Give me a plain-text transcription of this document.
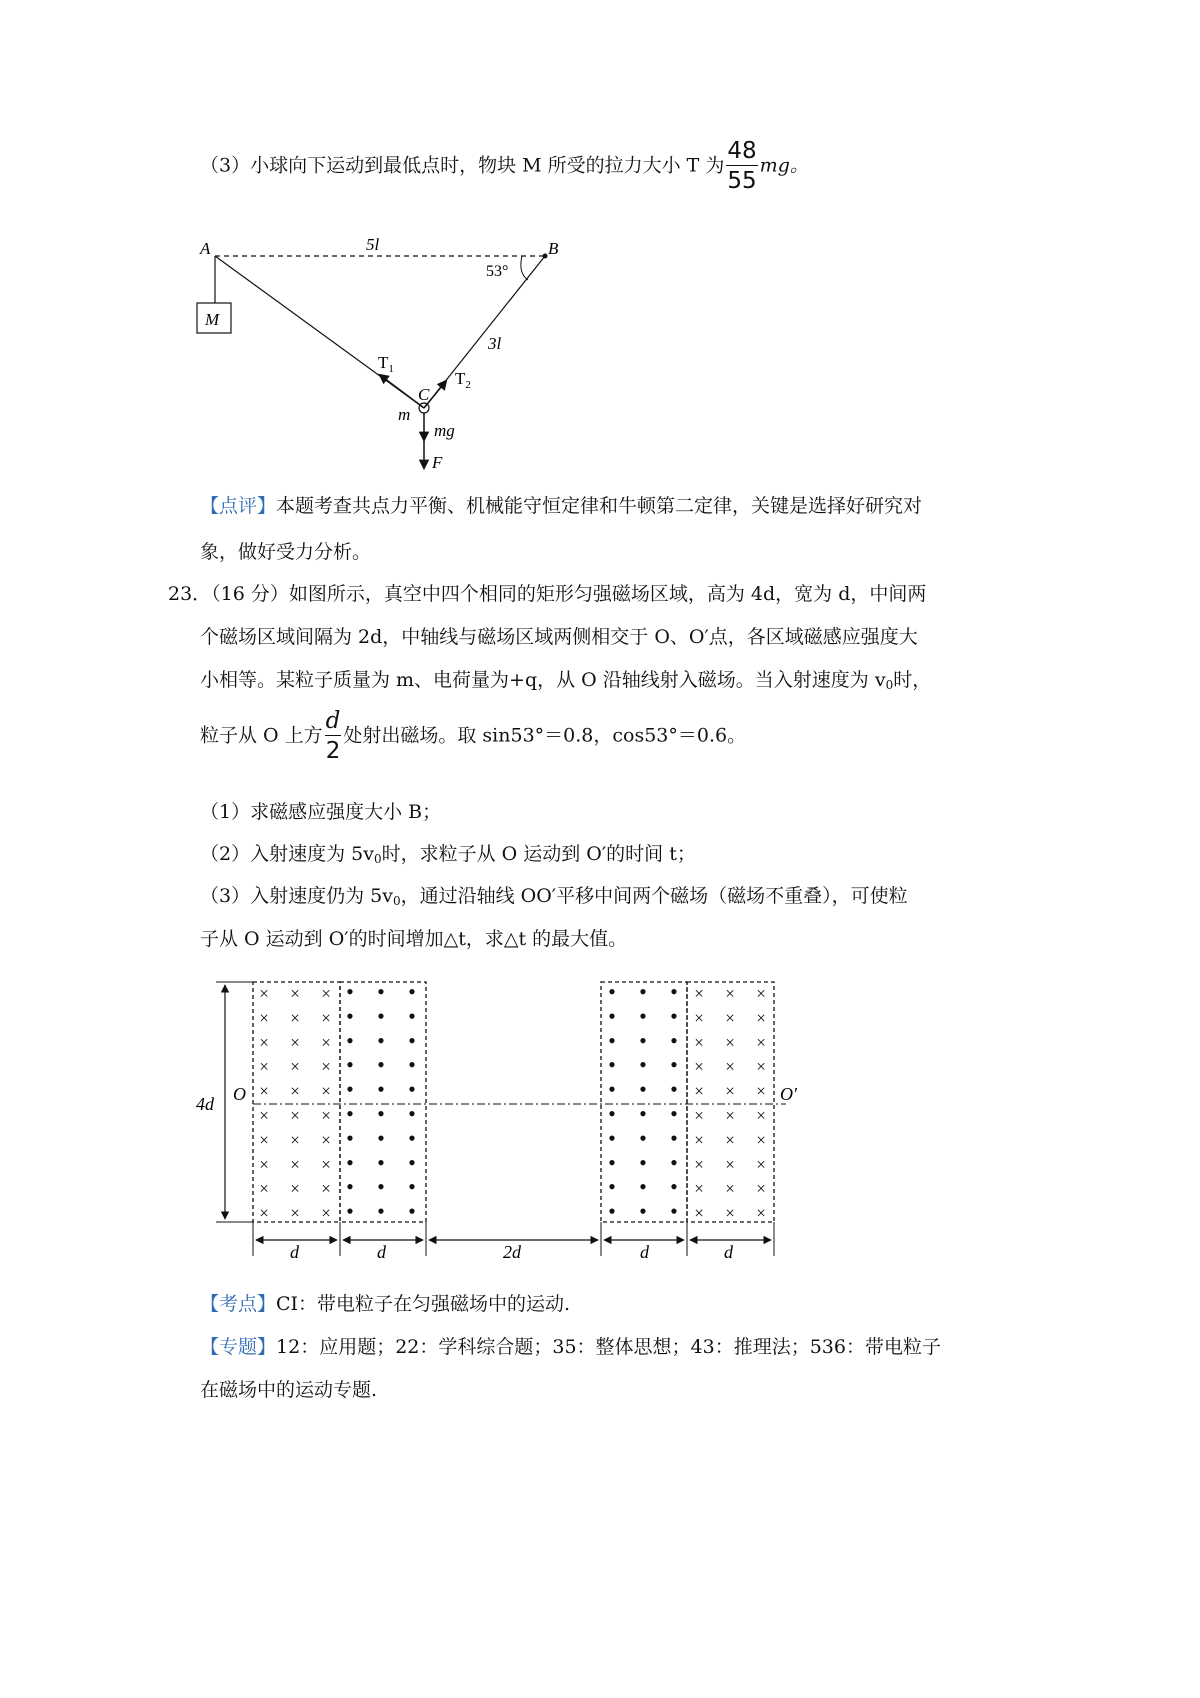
（3）小球向下运动到最低点时，物块 M 所受的拉力大小 T 为 $\frac{48}{55}$ mg。
A	B
5l
53°
M
3l
$T_1$	$T_2$
C
m
mg
F
【点评】本题考查共点力平衡、机械能守恒定律和牛顿第二定律，关键是选择好研究对
象，做好受力分析。
23．（16 分）如图所示，真空中四个相同的矩形匀强磁场区域，高为 4d，宽为 d，中间两
个磁场区域间隔为 2d，中轴线与磁场区域两侧相交于 O、O′点，各区域磁感应强度大
小相等。某粒子质量为 m、电荷量为+q，从 O 沿轴线射入磁场。当入射速度为 $v_0$时，
粒子从 O 上方 $\frac{d}{2}$ 处射出磁场。取 sin53°＝0.8，cos53°＝0.6。
（1）求磁感应强度大小 B；
（2）入射速度为 $5v_0$时，求粒子从 O 运动到 O′的时间 t；
（3）入射速度仍为 $5v_0$，通过沿轴线 OO′平移中间两个磁场（磁场不重叠），可使粒
子从 O 运动到 O′的时间增加△t，求△t 的最大值。
4d O	O′
d	d	2d	d	d
×
×
×
×
×
×
×
×
×
×
×
×
×
×
×
×
×
×
×
×
×
×
×
×
×
×
×
×
×
×
•
•
•
•
•
•
•
•
•
•
•
•
•
•
•
•
•
•
•
•
•
•
•
•
•
•
•
•
•
•
•
•
•
•
•
•
•
•
•
•
•
•
•
•
•
•
•
•
•
•
•
•
•
•
•
•
•
•
•
•
×
×
×
×
×
×
×
×
×
×
×
×
×
×
×
×
×
×
×
×
×
×
×
×
×
×
×
×
×
×
【考点】CI：带电粒子在匀强磁场中的运动.
【专题】12：应用题；22：学科综合题；35：整体思想；43：推理法；536：带电粒子
在磁场中的运动专题.
